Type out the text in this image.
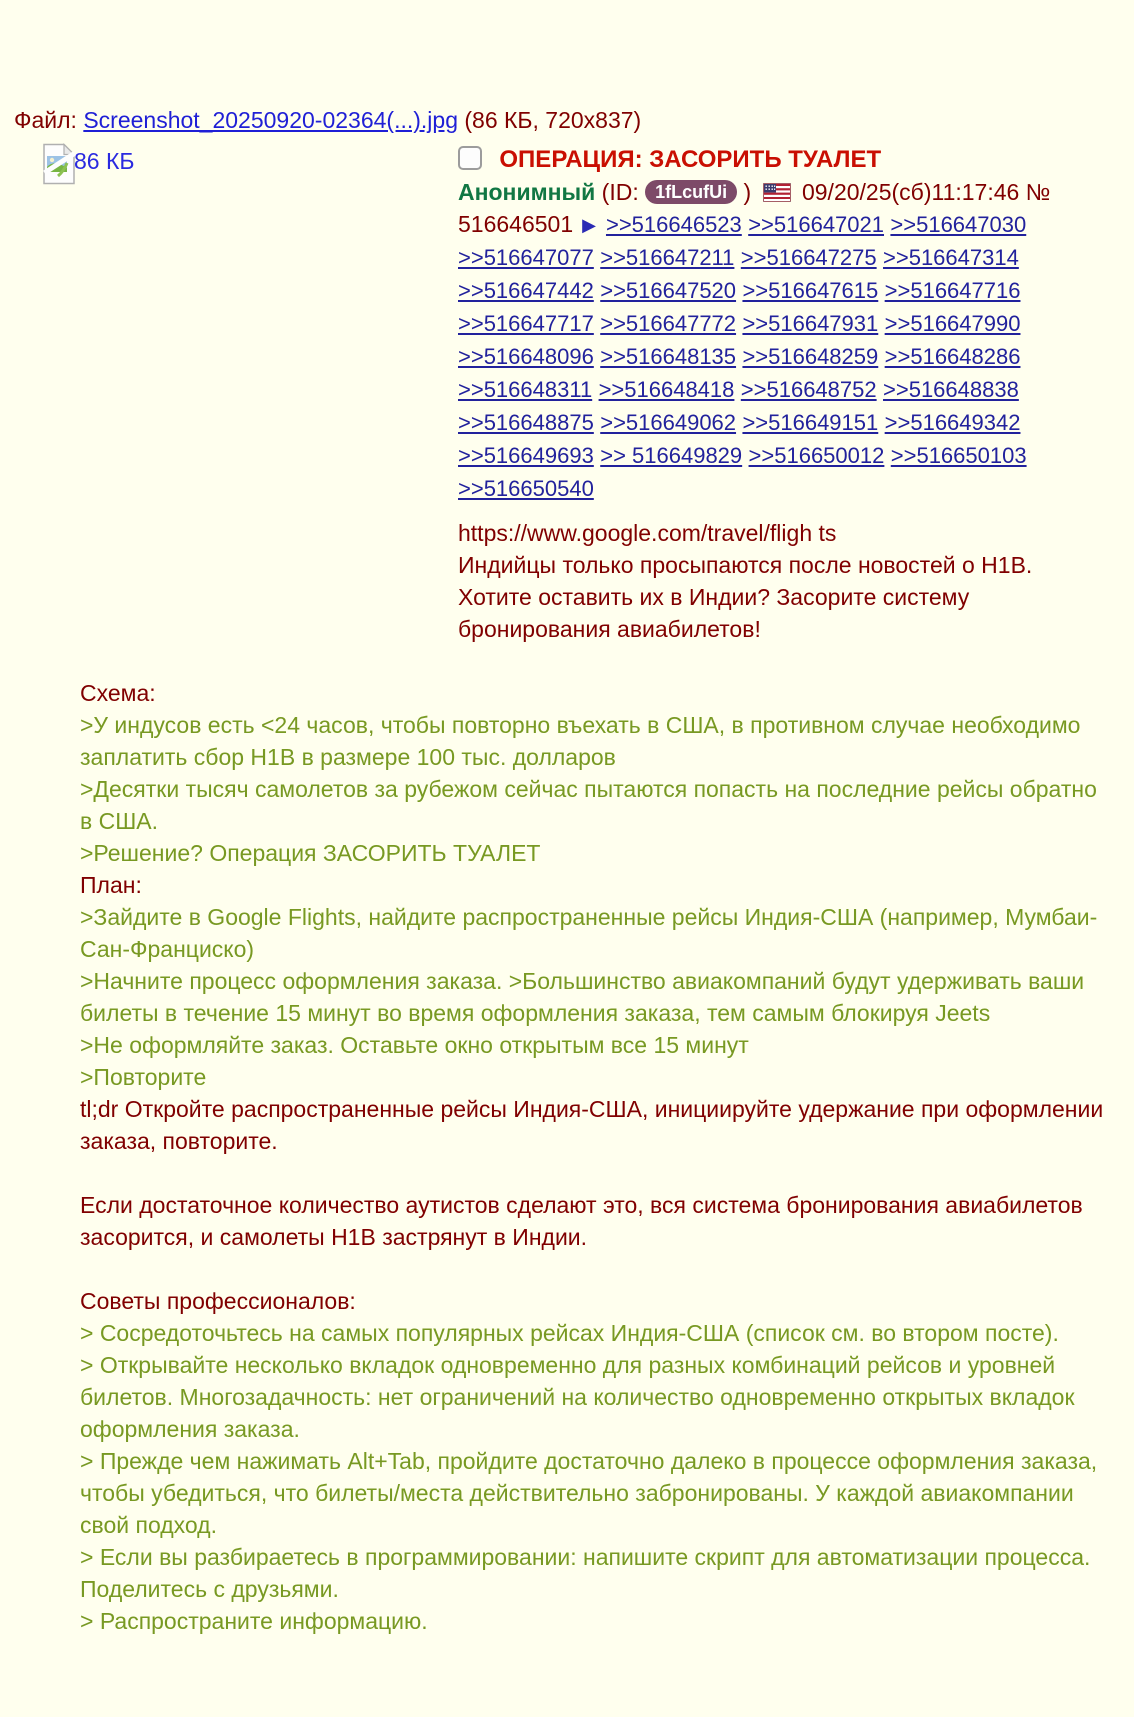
Файл: Screenshot_20250920-02364(...).jpg (86 КБ, 720x837)
86 КБ	ОПЕРАЦИЯ: ЗАСОРИТЬ ТУАЛЕТ
Анонимный (ID: 1fLcufUi ) 09/20/25(сб)11:17:46 №
516646501 ▶ >>516646523 >>516647021 >>516647030 >>516647077 >>516647211 >>516647275 >>516647314 >>516647442 >>516647520 >>516647615 >>516647716 >>516647717 >>516647772 >>516647931 >>516647990 >>516648096 >>516648135 >>516648259 >>516648286 >>516648311 >>516648418 >>516648752 >>516648838 >>516648875 >>516649062 >>516649151 >>516649342 >>516649693 >> 516649829 >>516650012 >>516650103 >>516650540
https://www.google.com/travel/fligh ts
Индийцы только просыпаются после новостей о H1B. Хотите оставить их в Индии? Засорите систему бронирования авиабилетов!
Схема:
>У индусов есть <24 часов, чтобы повторно въехать в США, в противном случае необходимо заплатить сбор H1B в размере 100 тыс. долларов
>Десятки тысяч самолетов за рубежом сейчас пытаются попасть на последние рейсы обратно в США.
>Решение? Операция ЗАСОРИТЬ ТУАЛЕТ
План:
>Зайдите в Google Flights, найдите распространенные рейсы Индия-США (например, Мумбаи-Сан-Франциско)
>Начните процесс оформления заказа. >Большинство авиакомпаний будут удерживать ваши билеты в течение 15 минут во время оформления заказа, тем самым блокируя Jeets
>Не оформляйте заказ. Оставьте окно открытым все 15 минут
>Повторите
tl;dr Откройте распространенные рейсы Индия-США, инициируйте удержание при оформлении заказа, повторите.
Если достаточное количество аутистов сделают это, вся система бронирования авиабилетов засорится, и самолеты H1B застрянут в Индии.
Советы профессионалов:
> Сосредоточьтесь на самых популярных рейсах Индия-США (список см. во втором посте).
> Открывайте несколько вкладок одновременно для разных комбинаций рейсов и уровней билетов. Многозадачность: нет ограничений на количество одновременно открытых вкладок оформления заказа.
> Прежде чем нажимать Alt+Tab, пройдите достаточно далеко в процессе оформления заказа, чтобы убедиться, что билеты/места действительно забронированы. У каждой авиакомпании свой подход.
> Если вы разбираетесь в программировании: напишите скрипт для автоматизации процесса. Поделитесь с друзьями.
> Распространите информацию.
